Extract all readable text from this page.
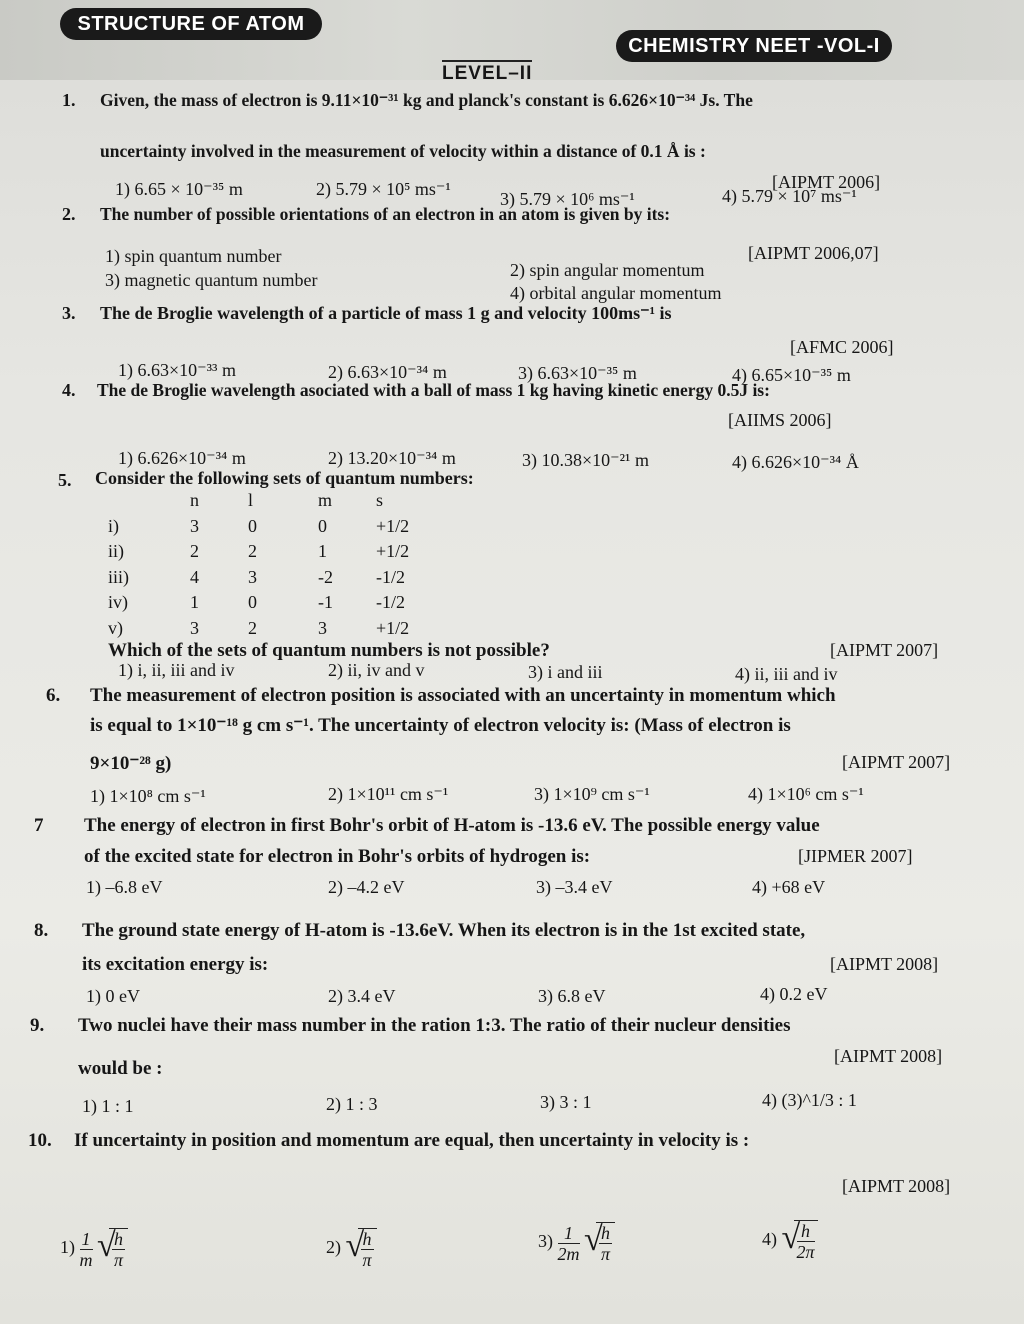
STRUCTURE OF ATOM
CHEMISTRY NEET -VOL-I
LEVEL–II
1. Given, the mass of electron is 9.11×10⁻³¹ kg and planck's constant is 6.626×10⁻³⁴ Js. The
uncertainty involved in the measurement of velocity within a distance of 0.1 Å is :
1) 6.65 × 10⁻³⁵ m	2) 5.79 × 10⁵ ms⁻¹	3) 5.79 × 10⁶ ms⁻¹	4) 5.79 × 10⁷ ms⁻¹
[AIPMT 2006]
2. The number of possible orientations of an electron in an atom is given by its:
1) spin quantum number
2) spin angular momentum
3) magnetic quantum number
4) orbital angular momentum
[AIPMT 2006,07]
3. The de Broglie wavelength of a particle of mass 1 g and velocity 100ms⁻¹ is
1) 6.63×10⁻³³ m	2) 6.63×10⁻³⁴ m	3) 6.63×10⁻³⁵ m	4) 6.65×10⁻³⁵ m
[AFMC 2006]
4. The de Broglie wavelength asociated with a ball of mass 1 kg having kinetic energy 0.5J is:
[AIIMS 2006]
1) 6.626×10⁻³⁴ m	2) 13.20×10⁻³⁴ m	3) 10.38×10⁻²¹ m	4) 6.626×10⁻³⁴ Å
5. Consider the following sets of quantum numbers:
	n	l	m	s
i)	3	0	0	+1/2
ii)	2	2	1	+1/2
iii)	4	3	-2	-1/2
iv)	1	0	-1	-1/2
v)	3	2	3	+1/2
Which of the sets of quantum numbers is not possible?	[AIPMT 2007]
1) i, ii, iii and iv	2) ii, iv and v	3) i and iii	4) ii, iii and iv
6. The measurement of electron position is associated with an uncertainty in momentum which
is equal to 1×10⁻¹⁸ g cm s⁻¹. The uncertainty of electron velocity is: (Mass of electron is
9×10⁻²⁸ g)	[AIPMT 2007]
1) 1×10⁸ cm s⁻¹	2) 1×10¹¹ cm s⁻¹	3) 1×10⁹ cm s⁻¹	4) 1×10⁶ cm s⁻¹
7 The energy of electron in first Bohr's orbit of H-atom is -13.6 eV. The possible energy value
of the excited state for electron in Bohr's orbits of hydrogen is:	[JIPMER 2007]
1) –6.8 eV	2) –4.2 eV	3) –3.4 eV	4) +68 eV
8. The ground state energy of H-atom is -13.6eV. When its electron is in the 1st excited state,
its excitation energy is:	[AIPMT 2008]
1) 0 eV	2) 3.4 eV	3) 6.8 eV	4) 0.2 eV
9. Two nuclei have their mass number in the ration 1:3. The ratio of their nucleur densities
would be :
[AIPMT 2008]
1) 1 : 1	2) 1 : 3	3) 3 : 1	4) (3)^1/3 : 1
10. If uncertainty in position and momentum are equal, then uncertainty in velocity is :
[AIPMT 2008]
$1) \frac{1}{m}$
√
$\frac{h}{\pi}$	2) √
$\frac{h}{\pi}$	$3) \frac{1}{2m}$
√
$\frac{h}{\pi}$	4) √
$\frac{h}{2\pi}$
